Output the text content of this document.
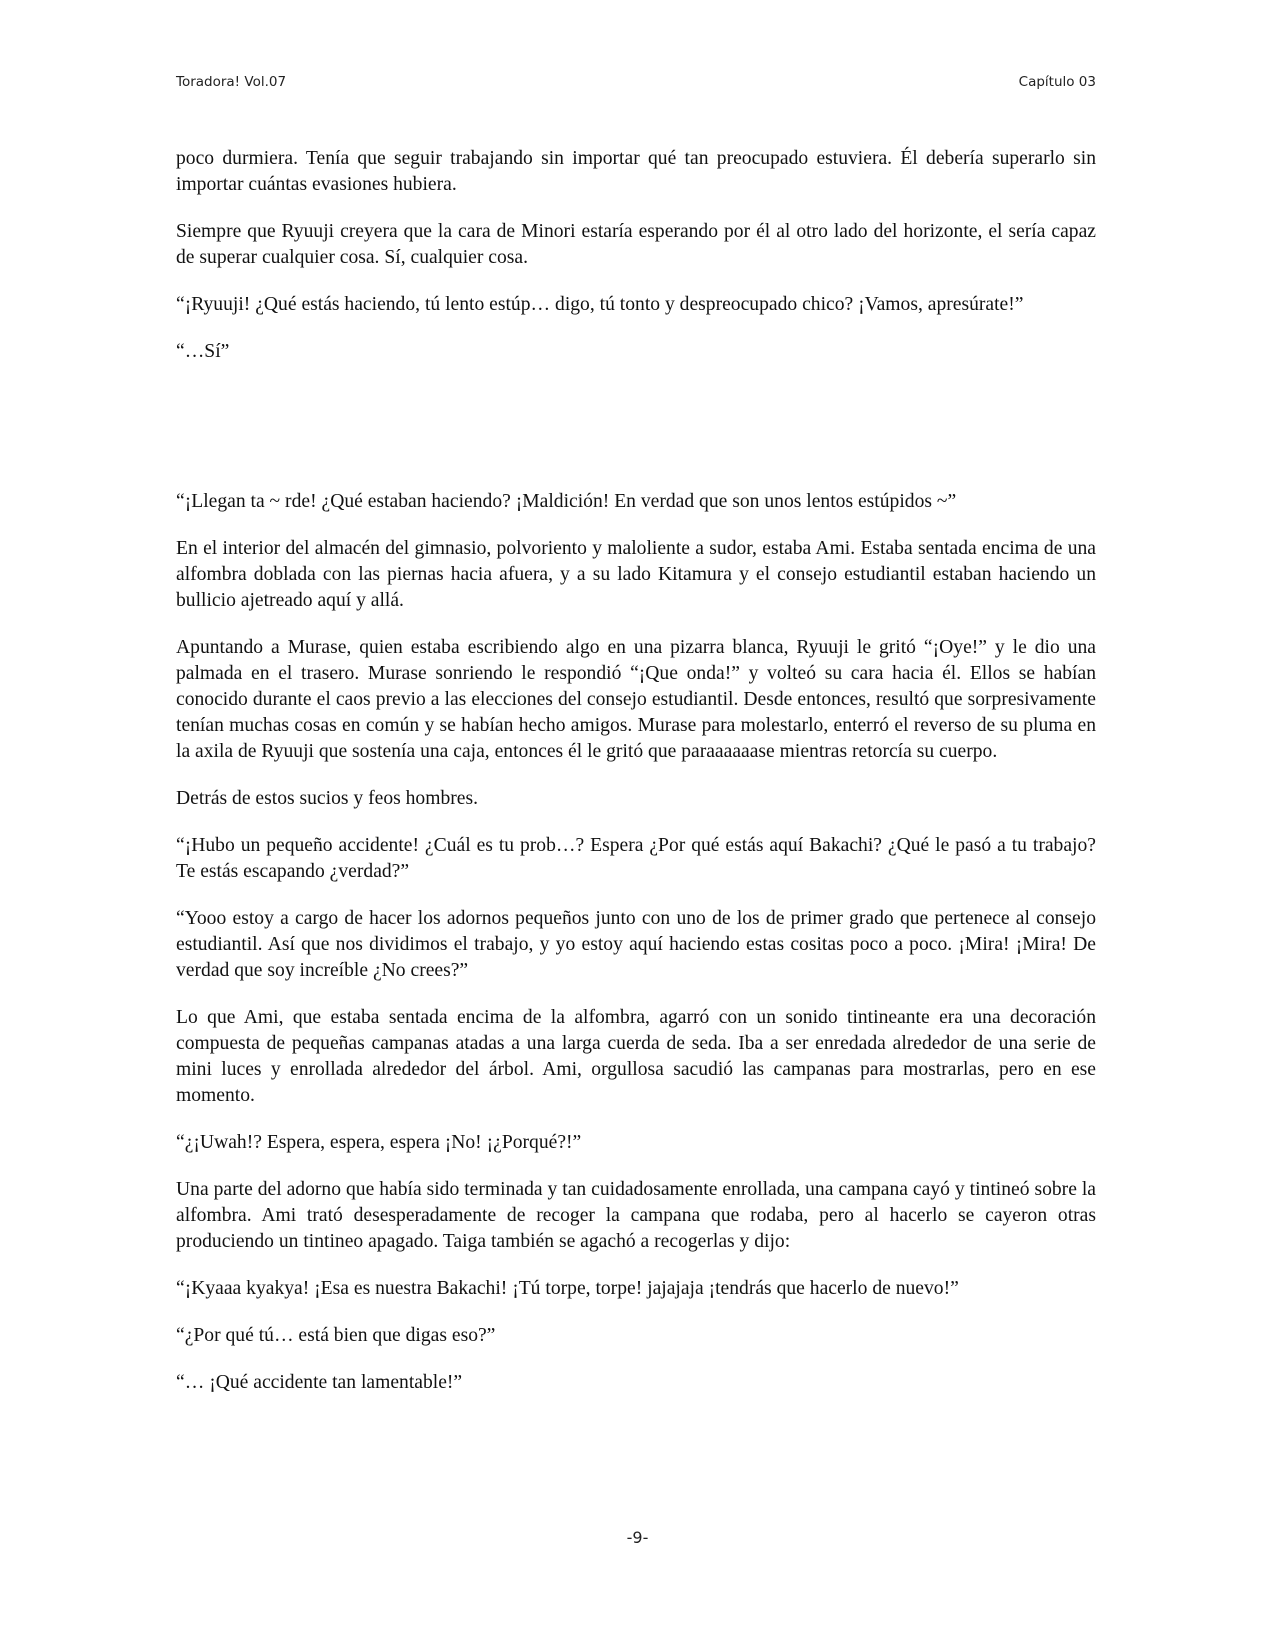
Toradora! Vol.07	Capítulo 03

poco durmiera. Tenía que seguir trabajando sin importar qué tan preocupado estuviera. Él debería superarlo sin importar cuántas evasiones hubiera.

Siempre que Ryuuji creyera que la cara de Minori estaría esperando por él al otro lado del horizonte, el sería capaz de superar cualquier cosa. Sí, cualquier cosa.

“¡Ryuuji! ¿Qué estás haciendo, tú lento estúp… digo, tú tonto y despreocupado chico? ¡Vamos, apresúrate!”

“…Sí”

“¡Llegan ta ~ rde! ¿Qué estaban haciendo? ¡Maldición! En verdad que son unos lentos estúpidos ~”

En el interior del almacén del gimnasio, polvoriento y maloliente a sudor, estaba Ami. Estaba sentada encima de una alfombra doblada con las piernas hacia afuera, y a su lado Kitamura y el consejo estudiantil estaban haciendo un bullicio ajetreado aquí y allá.

Apuntando a Murase, quien estaba escribiendo algo en una pizarra blanca, Ryuuji le gritó “¡Oye!” y le dio una palmada en el trasero. Murase sonriendo le respondió “¡Que onda!” y volteó su cara hacia él. Ellos se habían conocido durante el caos previo a las elecciones del consejo estudiantil. Desde entonces, resultó que sorpresivamente tenían muchas cosas en común y se habían hecho amigos. Murase para molestarlo, enterró el reverso de su pluma en la axila de Ryuuji que sostenía una caja, entonces él le gritó que paraaaaaase mientras retorcía su cuerpo.

Detrás de estos sucios y feos hombres.

“¡Hubo un pequeño accidente! ¿Cuál es tu prob…? Espera ¿Por qué estás aquí Bakachi? ¿Qué le pasó a tu trabajo? Te estás escapando ¿verdad?”

“Yooo estoy a cargo de hacer los adornos pequeños junto con uno de los de primer grado que pertenece al consejo estudiantil. Así que nos dividimos el trabajo, y yo estoy aquí haciendo estas cositas poco a poco. ¡Mira! ¡Mira! De verdad que soy increíble ¿No crees?”

Lo que Ami, que estaba sentada encima de la alfombra, agarró con un sonido tintineante era una decoración compuesta de pequeñas campanas atadas a una larga cuerda de seda. Iba a ser enredada alrededor de una serie de mini luces y enrollada alrededor del árbol. Ami, orgullosa sacudió las campanas para mostrarlas, pero en ese momento.

“¿¡Uwah!? Espera, espera, espera ¡No! ¡¿Porqué?!”

Una parte del adorno que había sido terminada y tan cuidadosamente enrollada, una campana cayó y tintineó sobre la alfombra. Ami trató desesperadamente de recoger la campana que rodaba, pero al hacerlo se cayeron otras produciendo un tintineo apagado. Taiga también se agachó a recogerlas y dijo:

“¡Kyaaa kyakya! ¡Esa es nuestra Bakachi! ¡Tú torpe, torpe! jajajaja ¡tendrás que hacerlo de nuevo!”

“¿Por qué tú… está bien que digas eso?”

“… ¡Qué accidente tan lamentable!”

-9-
